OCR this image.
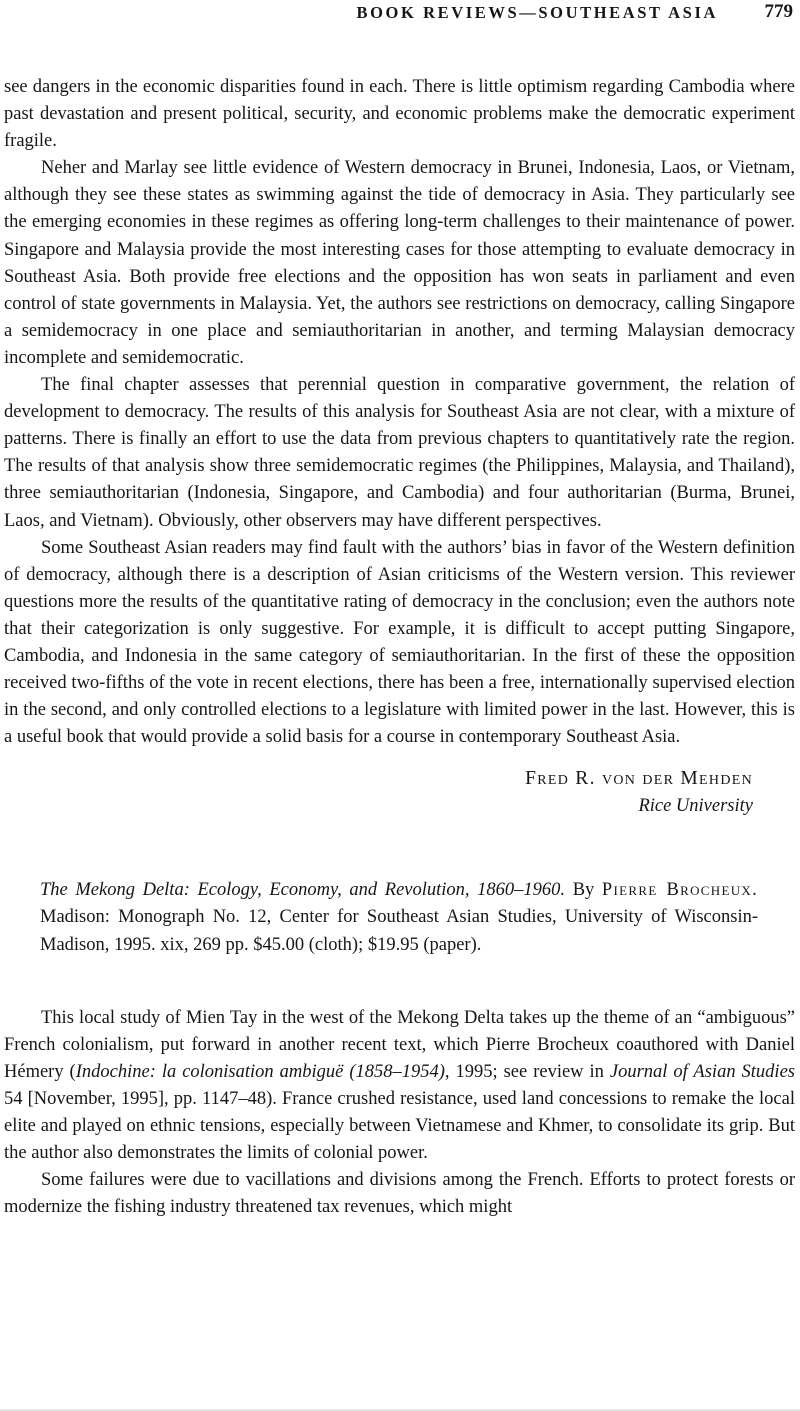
BOOK REVIEWS—SOUTHEAST ASIA 779

see dangers in the economic disparities found in each. There is little optimism regarding Cambodia where past devastation and present political, security, and economic problems make the democratic experiment fragile.

Neher and Marlay see little evidence of Western democracy in Brunei, Indonesia, Laos, or Vietnam, although they see these states as swimming against the tide of democracy in Asia. They particularly see the emerging economies in these regimes as offering long-term challenges to their maintenance of power. Singapore and Malaysia provide the most interesting cases for those attempting to evaluate democracy in Southeast Asia. Both provide free elections and the opposition has won seats in parliament and even control of state governments in Malaysia. Yet, the authors see restrictions on democracy, calling Singapore a semidemocracy in one place and semiauthoritarian in another, and terming Malaysian democracy incomplete and semidemocratic.

The final chapter assesses that perennial question in comparative government, the relation of development to democracy. The results of this analysis for Southeast Asia are not clear, with a mixture of patterns. There is finally an effort to use the data from previous chapters to quantitatively rate the region. The results of that analysis show three semidemocratic regimes (the Philippines, Malaysia, and Thailand), three semiauthoritarian (Indonesia, Singapore, and Cambodia) and four authoritarian (Burma, Brunei, Laos, and Vietnam). Obviously, other observers may have different perspectives.

Some Southeast Asian readers may find fault with the authors’ bias in favor of the Western definition of democracy, although there is a description of Asian criticisms of the Western version. This reviewer questions more the results of the quantitative rating of democracy in the conclusion; even the authors note that their categorization is only suggestive. For example, it is difficult to accept putting Singapore, Cambodia, and Indonesia in the same category of semiauthoritarian. In the first of these the opposition received two-fifths of the vote in recent elections, there has been a free, internationally supervised election in the second, and only controlled elections to a legislature with limited power in the last. However, this is a useful book that would provide a solid basis for a course in contemporary Southeast Asia.

Fred R. von der Mehden
Rice University
The Mekong Delta: Ecology, Economy, and Revolution, 1860–1960. By Pierre Brocheux. Madison: Monograph No. 12, Center for Southeast Asian Studies, University of Wisconsin-Madison, 1995. xix, 269 pp. $45.00 (cloth); $19.95 (paper).

This local study of Mien Tay in the west of the Mekong Delta takes up the theme of an “ambiguous” French colonialism, put forward in another recent text, which Pierre Brocheux coauthored with Daniel Hémery (Indochine: la colonisation ambiguë (1858–1954), 1995; see review in Journal of Asian Studies 54 [November, 1995], pp. 1147–48). France crushed resistance, used land concessions to remake the local elite and played on ethnic tensions, especially between Vietnamese and Khmer, to consolidate its grip. But the author also demonstrates the limits of colonial power.

Some failures were due to vacillations and divisions among the French. Efforts to protect forests or modernize the fishing industry threatened tax revenues, which might
